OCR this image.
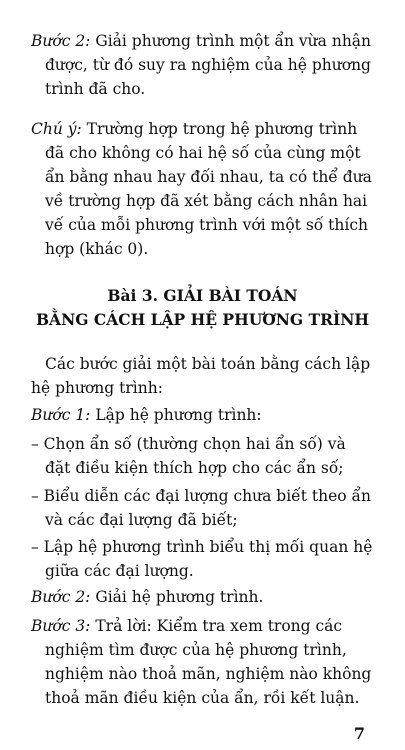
Bước 2: Giải phương trình một ẩn vừa nhận
được, từ đó suy ra nghiệm của hệ phương
trình đã cho.
Chú ý: Trường hợp trong hệ phương trình
đã cho không có hai hệ số của cùng một
ẩn bằng nhau hay đối nhau, ta có thể đưa
về trường hợp đã xét bằng cách nhân hai
vế của mỗi phương trình với một số thích
hợp (khác 0).
Bài 3. GIẢI BÀI TOÁN
BẰNG CÁCH LẬP HỆ PHƯƠNG TRÌNH
Các bước giải một bài toán bằng cách lập
hệ phương trình:
Bước 1: Lập hệ phương trình:
– Chọn ẩn số (thường chọn hai ẩn số) và
đặt điều kiện thích hợp cho các ẩn số;
– Biểu diễn các đại lượng chưa biết theo ẩn
và các đại lượng đã biết;
– Lập hệ phương trình biểu thị mối quan hệ
giữa các đại lượng.
Bước 2: Giải hệ phương trình.
Bước 3: Trả lời: Kiểm tra xem trong các
nghiệm tìm được của hệ phương trình,
nghiệm nào thoả mãn, nghiệm nào không
thoả mãn điều kiện của ẩn, rồi kết luận.
7
